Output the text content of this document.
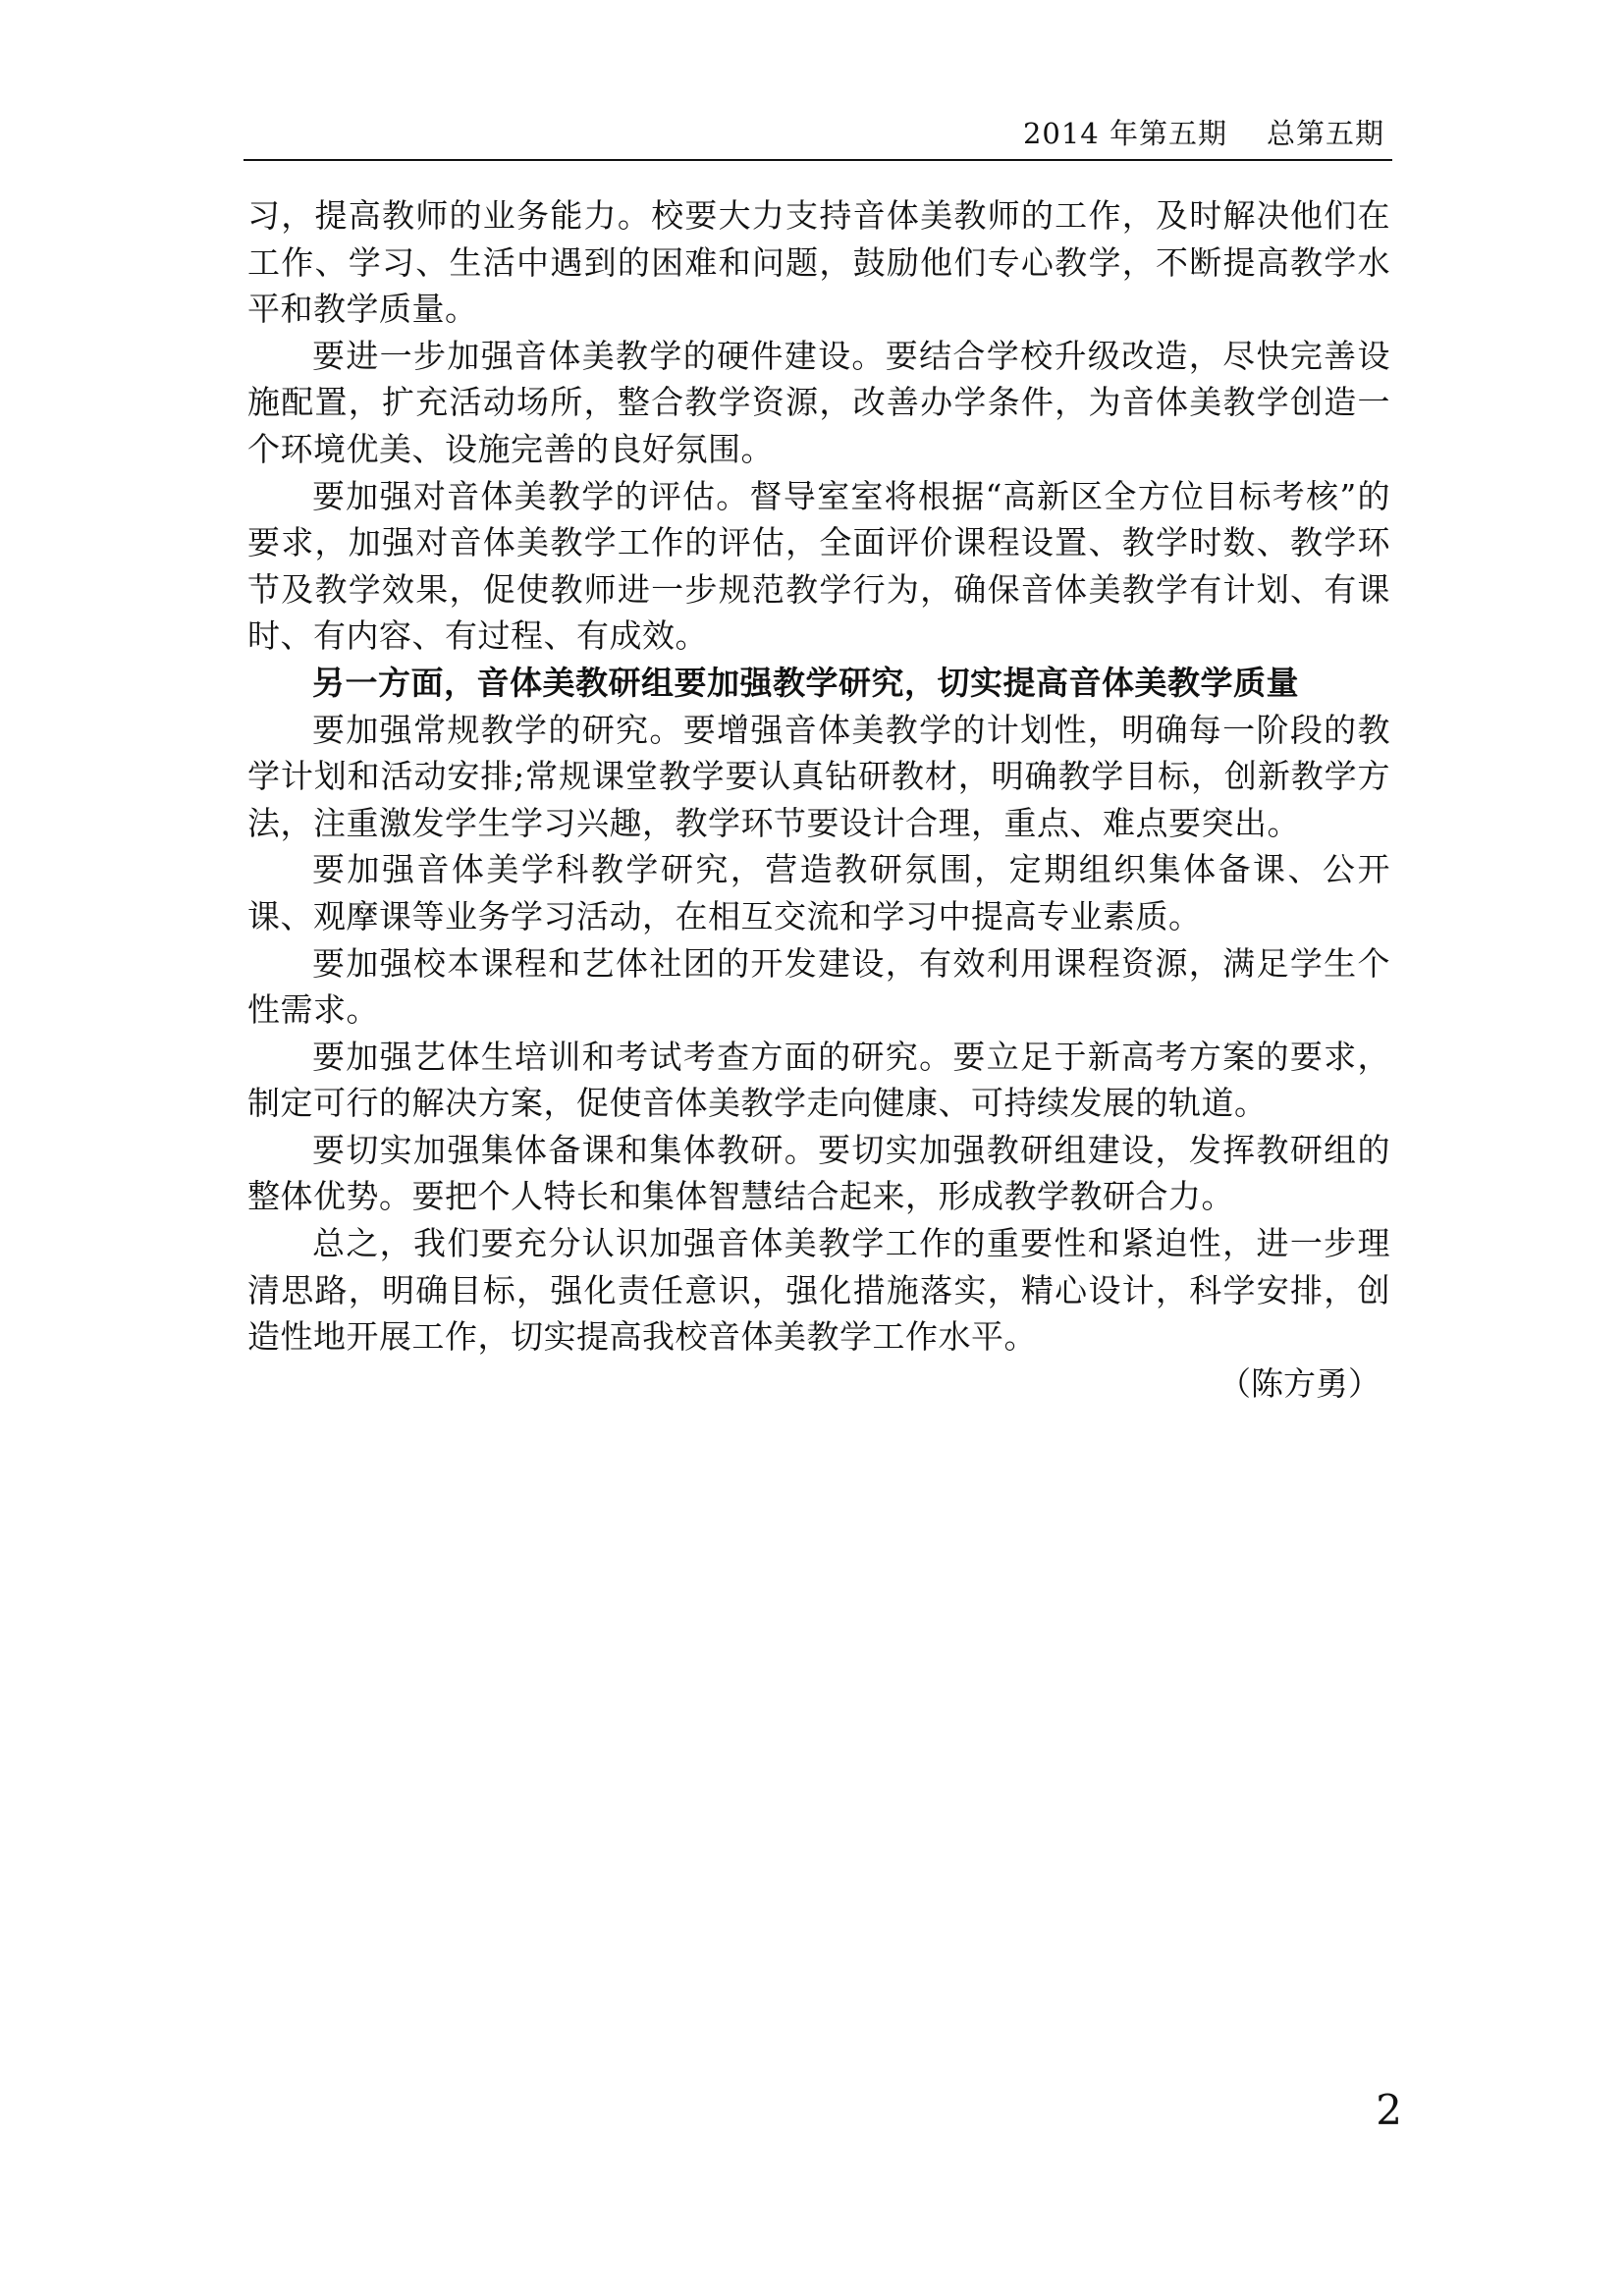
2014 年第五期 总第五期

习，提高教师的业务能力。校要大力支持音体美教师的工作，及时解决他们在工作、学习、生活中遇到的困难和问题，鼓励他们专心教学，不断提高教学水平和教学质量。

要进一步加强音体美教学的硬件建设。要结合学校升级改造，尽快完善设施配置，扩充活动场所，整合教学资源，改善办学条件，为音体美教学创造一个环境优美、设施完善的良好氛围。

要加强对音体美教学的评估。督导室室将根据“高新区全方位目标考核”的要求，加强对音体美教学工作的评估，全面评价课程设置、教学时数、教学环节及教学效果，促使教师进一步规范教学行为，确保音体美教学有计划、有课时、有内容、有过程、有成效。

另一方面，音体美教研组要加强教学研究，切实提高音体美教学质量

要加强常规教学的研究。要增强音体美教学的计划性，明确每一阶段的教学计划和活动安排;常规课堂教学要认真钻研教材，明确教学目标，创新教学方法，注重激发学生学习兴趣，教学环节要设计合理，重点、难点要突出。

要加强音体美学科教学研究，营造教研氛围，定期组织集体备课、公开课、观摩课等业务学习活动，在相互交流和学习中提高专业素质。

要加强校本课程和艺体社团的开发建设，有效利用课程资源，满足学生个性需求。

要加强艺体生培训和考试考查方面的研究。要立足于新高考方案的要求，制定可行的解决方案，促使音体美教学走向健康、可持续发展的轨道。

要切实加强集体备课和集体教研。要切实加强教研组建设，发挥教研组的整体优势。要把个人特长和集体智慧结合起来，形成教学教研合力。

总之，我们要充分认识加强音体美教学工作的重要性和紧迫性，进一步理清思路，明确目标，强化责任意识，强化措施落实，精心设计，科学安排，创造性地开展工作，切实提高我校音体美教学工作水平。

（陈方勇）

2
